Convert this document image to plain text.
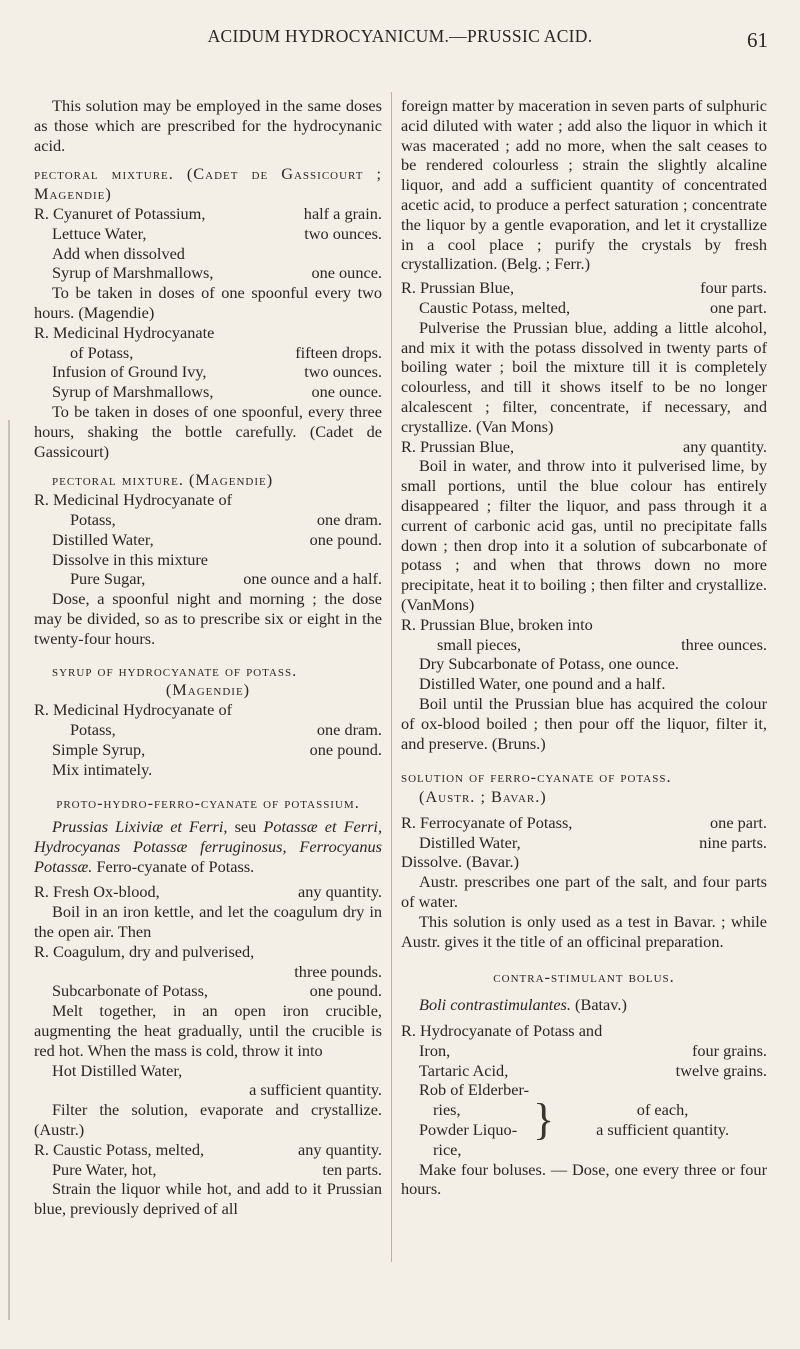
ACIDUM HYDROCYANICUM.—PRUSSIC ACID.	61

This solution may be employed in the same doses as those which are prescribed for the hydrocynanic acid.

pectoral mixture. (Cadet de Gassicourt ; Magendie)

R. Cyanuret of Potassium,	half a grain.
Lettuce Water,	two ounces.

Add when dissolved

Syrup of Marshmallows,	one ounce.

To be taken in doses of one spoonful every two hours. (Magendie)

R. Medicinal Hydrocyanate

of Potass,	fifteen drops.
Infusion of Ground Ivy,	two ounces.
Syrup of Marshmallows,	one ounce.

To be taken in doses of one spoonful, every three hours, shaking the bottle carefully. (Cadet de Gassicourt)

pectoral mixture. (Magendie)

R. Medicinal Hydrocyanate of

Potass,	one dram.
Distilled Water,	one pound.

Dissolve in this mixture

Pure Sugar,	one ounce and a half.

Dose, a spoonful night and morning ; the dose may be divided, so as to prescribe six or eight in the twenty-four hours.

syrup of hydrocyanate of potass.

(Magendie)

R. Medicinal Hydrocyanate of

Potass,	one dram.
Simple Syrup,	one pound.

Mix intimately.

proto-hydro-ferro-cyanate of potassium.

Prussias Lixiviæ et Ferri, seu Potassæ et Ferri, Hydrocyanas Potassæ ferruginosus, Ferrocyanus Potassæ. Ferro-cyanate of Potass.

R. Fresh Ox-blood,	any quantity.

Boil in an iron kettle, and let the coagulum dry in the open air. Then

R. Coagulum, dry and pulverised,

three pounds.

Subcarbonate of Potass,	one pound.

Melt together, in an open iron crucible, augmenting the heat gradually, until the crucible is red hot. When the mass is cold, throw it into

Hot Distilled Water,

a sufficient quantity.

Filter the solution, evaporate and crystallize. (Austr.)

R. Caustic Potass, melted,	any quantity.
Pure Water, hot,	ten parts.

Strain the liquor while hot, and add to it Prussian blue, previously deprived of all

foreign matter by maceration in seven parts of sulphuric acid diluted with water ; add also the liquor in which it was macerated ; add no more, when the salt ceases to be rendered colourless ; strain the slightly alcaline liquor, and add a sufficient quantity of concentrated acetic acid, to produce a perfect saturation ; concentrate the liquor by a gentle evaporation, and let it crystallize in a cool place ; purify the crystals by fresh crystallization. (Belg. ; Ferr.)

R. Prussian Blue,	four parts.
Caustic Potass, melted,	one part.

Pulverise the Prussian blue, adding a little alcohol, and mix it with the potass dissolved in twenty parts of boiling water ; boil the mixture till it is completely colourless, and till it shows itself to be no longer alcalescent ; filter, concentrate, if necessary, and crystallize. (Van Mons)

R. Prussian Blue,	any quantity.

Boil in water, and throw into it pulverised lime, by small portions, until the blue colour has entirely disappeared ; filter the liquor, and pass through it a current of carbonic acid gas, until no precipitate falls down ; then drop into it a solution of subcarbonate of potass ; and when that throws down no more precipitate, heat it to boiling ; then filter and crystallize. (VanMons)

R. Prussian Blue, broken into

small pieces,	three ounces.

Dry Subcarbonate of Potass, one ounce.

Distilled Water, one pound and a half.

Boil until the Prussian blue has acquired the colour of ox-blood boiled ; then pour off the liquor, filter it, and preserve. (Bruns.)

solution of ferro-cyanate of potass.

(Austr. ; Bavar.)

R. Ferrocyanate of Potass,	one part.
Distilled Water,	nine parts.

Dissolve. (Bavar.)

Austr. prescribes one part of the salt, and four parts of water.

This solution is only used as a test in Bavar. ; while Austr. gives it the title of an officinal preparation.

contra-stimulant bolus.

Boli contrastimulantes. (Batav.)

R. Hydrocyanate of Potass and

Iron,	four grains.
Tartaric Acid,	twelve grains.
Rob of Elderber-
ries,
Powder Liquo-
rice,
}	of each,
a sufficient quantity.

Make four boluses. — Dose, one every three or four hours.
